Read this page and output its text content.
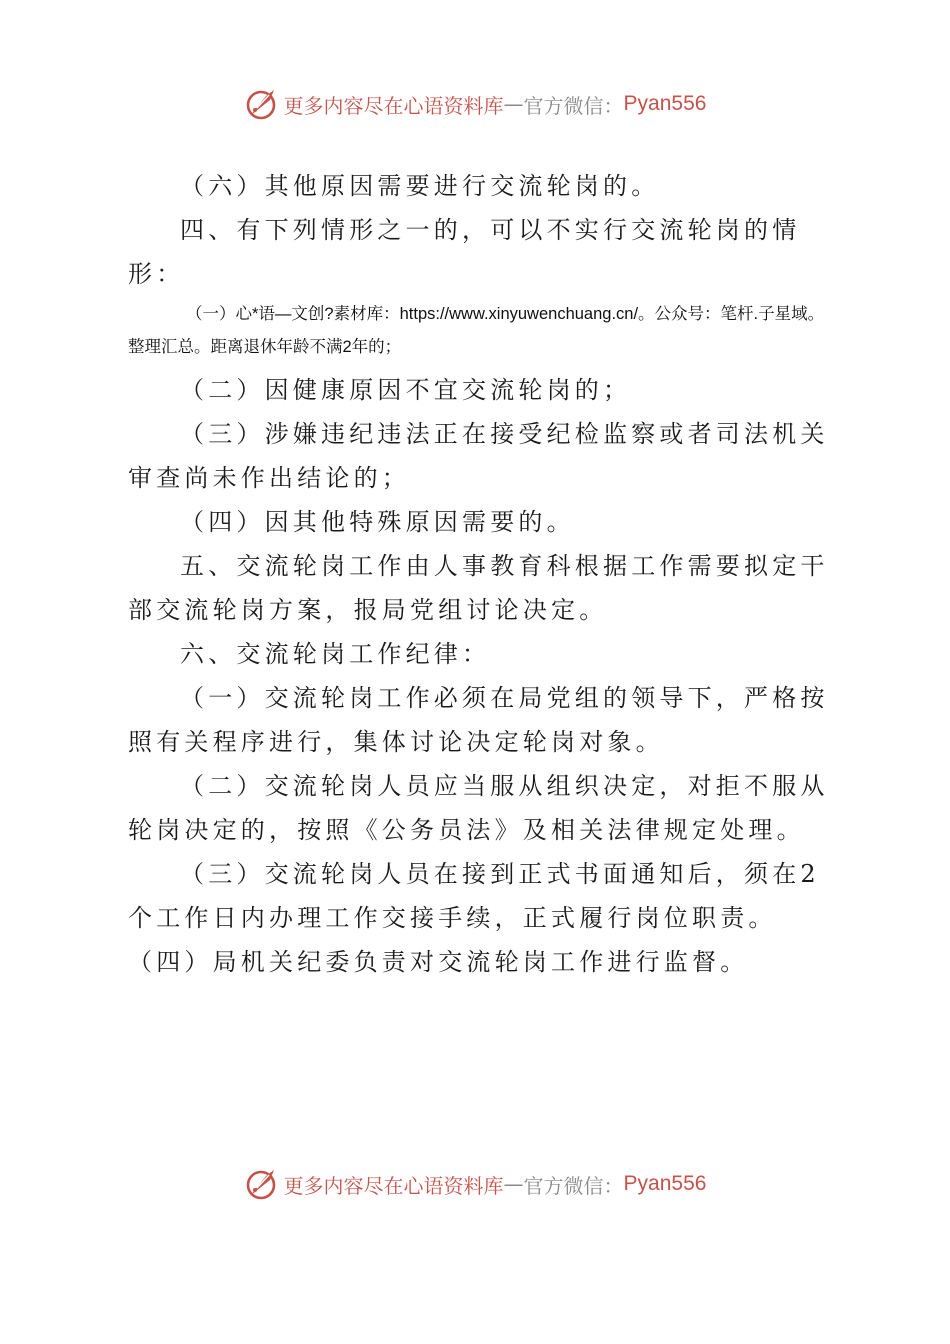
更多内容尽在心语资料库 — 官方微信： Pyan556

（六）其他原因需要进行交流轮岗的。

四、有下列情形之一的，可以不实行交流轮岗的情形：

（一）心*语—文创?素材库：https://www.xinyuwenchuang.cn/。公众号：笔杆.子星域。整理汇总。距离退休年龄不满2年的；

（二）因健康原因不宜交流轮岗的；

（三）涉嫌违纪违法正在接受纪检监察或者司法机关审查尚未作出结论的；

（四）因其他特殊原因需要的。

五、交流轮岗工作由人事教育科根据工作需要拟定干部交流轮岗方案，报局党组讨论决定。

六、交流轮岗工作纪律：

（一）交流轮岗工作必须在局党组的领导下，严格按照有关程序进行，集体讨论决定轮岗对象。

（二）交流轮岗人员应当服从组织决定，对拒不服从轮岗决定的，按照《公务员法》及相关法律规定处理。

（三）交流轮岗人员在接到正式书面通知后，须在2个工作日内办理工作交接手续，正式履行岗位职责。

（四）局机关纪委负责对交流轮岗工作进行监督。

更多内容尽在心语资料库 — 官方微信： Pyan556
